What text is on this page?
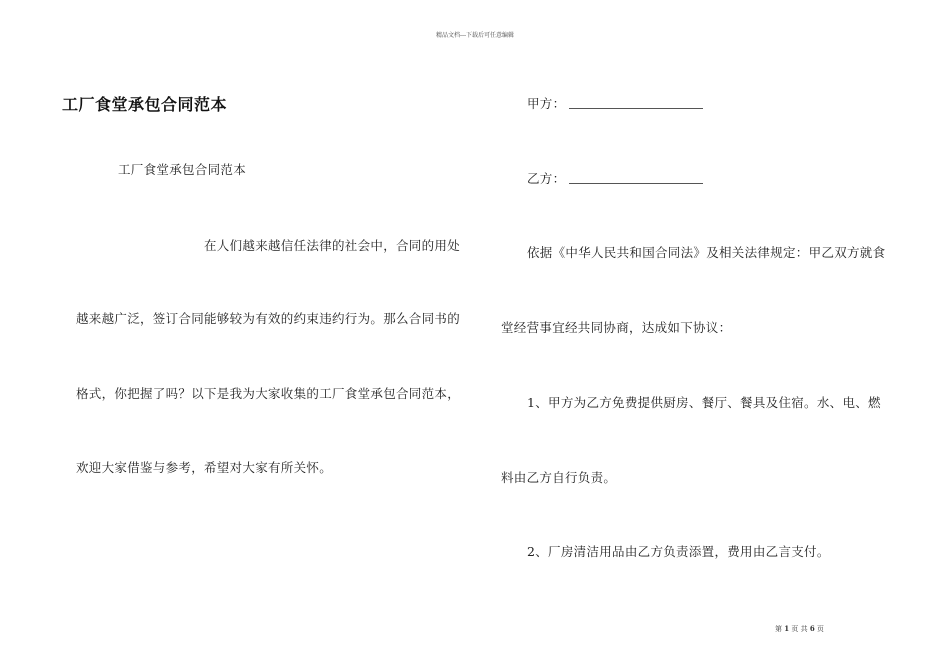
精品文档---下载后可任意编辑
工厂食堂承包合同范本
工厂食堂承包合同范本
在人们越来越信任法律的社会中，合同的用处
越来越广泛，签订合同能够较为有效的约束违约行为。那么合同书的
格式，你把握了吗？以下是我为大家收集的工厂食堂承包合同范本，
欢迎大家借鉴与参考，希望对大家有所关怀。
甲方：
乙方：
依据《中华人民共和国合同法》及相关法律规定：甲乙双方就食
堂经营事宜经共同协商，达成如下协议：
1、甲方为乙方免费提供厨房、餐厅、餐具及住宿。水、电、燃
料由乙方自行负责。
2、厂房清洁用品由乙方负责添置，费用由乙言支付。
第 1 页 共 6 页
